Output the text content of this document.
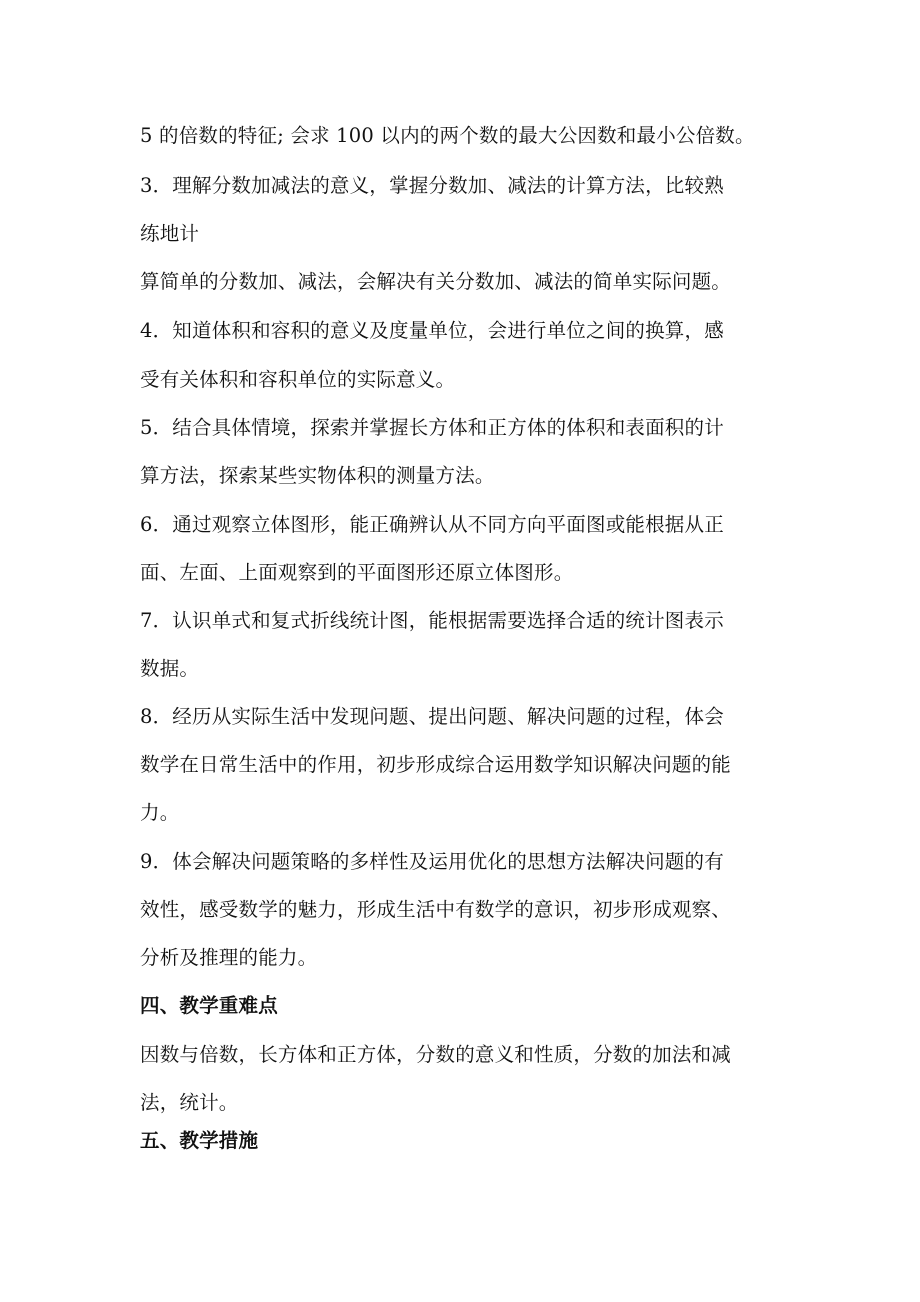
5 的倍数的特征; 会求 100 以内的两个数的最大公因数和最小公倍数。

3．理解分数加减法的意义，掌握分数加、减法的计算方法，比较熟

练地计

算简单的分数加、减法，会解决有关分数加、减法的简单实际问题。

4．知道体积和容积的意义及度量单位，会进行单位之间的换算，感

受有关体积和容积单位的实际意义。

5．结合具体情境，探索并掌握长方体和正方体的体积和表面积的计

算方法，探索某些实物体积的测量方法。

6．通过观察立体图形，能正确辨认从不同方向平面图或能根据从正

面、左面、上面观察到的平面图形还原立体图形。

7．认识单式和复式折线统计图，能根据需要选择合适的统计图表示

数据。

8．经历从实际生活中发现问题、提出问题、解决问题的过程，体会

数学在日常生活中的作用，初步形成综合运用数学知识解决问题的能

力。

9．体会解决问题策略的多样性及运用优化的思想方法解决问题的有

效性，感受数学的魅力，形成生活中有数学的意识，初步形成观察、

分析及推理的能力。

四、教学重难点

因数与倍数，长方体和正方体，分数的意义和性质，分数的加法和减

法，统计。

五、教学措施
